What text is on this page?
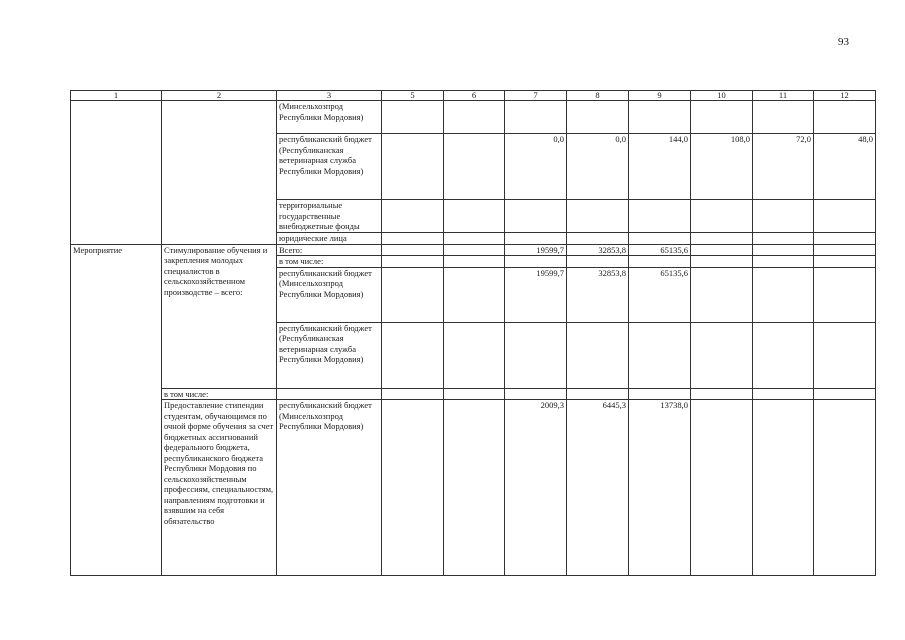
93
1	2	3	5	6	7	8	9	10	11	12
		(Минсельхозпрод Республики Мордовия)								
		республиканский бюджет (Республиканская ветеринарная служба Республики Мордовия)			0,0	0,0	144,0	108,0	72,0	48,0
		территориальные государственные внебюджетные фонды								
		юридические лица								
Мероприятие	Стимулирование обучения и закрепления молодых специалистов в сельскохозяйственном производстве – всего:	Всего:			19599,7	32853,8	65135,6			
		в том числе:								
		республиканский бюджет (Минсельхозпрод Республики Мордовия)			19599,7	32853,8	65135,6			
		республиканский бюджет (Республиканская ветеринарная служба Республики Мордовия)								
	в том числе:									
	Предоставление стипендии студентам, обучающимся по очной форме обучения за счет бюджетных ассигнований федерального бюджета, республиканского бюджета Республики Мордовия по сельскохозяйственным профессиям, специальностям, направлениям подготовки и взявшим на себя обязательство	республиканский бюджет (Минсельхозпрод Республики Мордовия)			2009,3	6445,3	13738,0			
